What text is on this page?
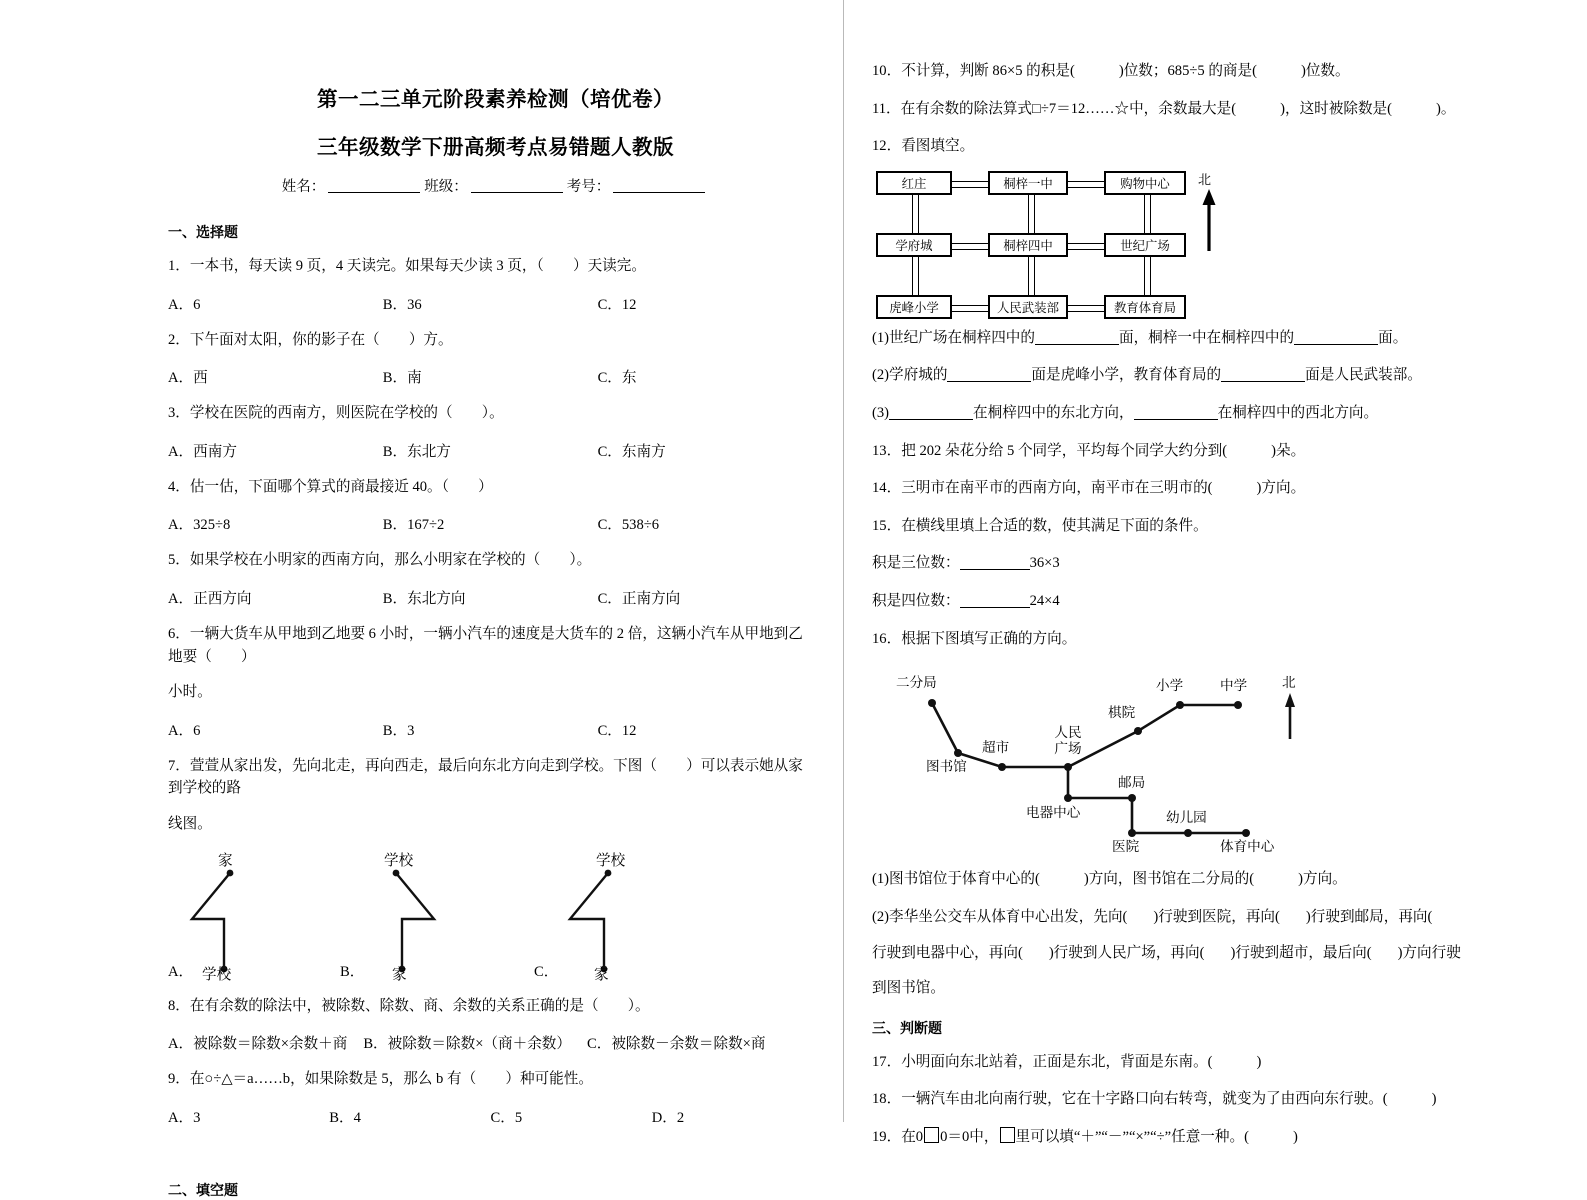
第一二三单元阶段素养检测（培优卷）
三年级数学下册高频考点易错题人教版
姓名：	班级：	考号：
一、选择题
1．一本书，每天读 9 页，4 天读完。如果每天少读 3 页，（　　）天读完。
A．6	B．36	C．12
2．下午面对太阳，你的影子在（　　）方。
A．西	B．南	C．东
3．学校在医院的西南方，则医院在学校的（　　）。
A．西南方	B．东北方	C．东南方
4．估一估，下面哪个算式的商最接近 40。（　　）
A．325÷8	B．167÷2	C．538÷6
5．如果学校在小明家的西南方向，那么小明家在学校的（　　）。
A．正西方向	B．东北方向	C．正南方向
6．一辆大货车从甲地到乙地要 6 小时，一辆小汽车的速度是大货车的 2 倍，这辆小汽车从甲地到乙地要（　　）
小时。
A．6	B．3	C．12
7．萱萱从家出发，先向北走，再向西走，最后向东北方向走到学校。下图（　　）可以表示她从家到学校的路
线图。
家
学校
A．
学校
家
B．
学校
家
C．
8．在有余数的除法中，被除数、除数、商、余数的关系正确的是（　　）。
A．被除数＝除数×余数＋商 B．被除数＝除数×（商＋余数） C．被除数－余数＝除数×商
9．在○÷△＝a……b，如果除数是 5，那么 b 有（　　）种可能性。
A．3	B．4	C．5	D．2
二、填空题
10．不计算，判断 86×5 的积是(	)位数；685÷5 的商是(	)位数。
11．在有余数的除法算式□÷7＝12……☆中，余数最大是(	)，这时被除数是(	)。
12．看图填空。
红庄	桐梓一中	购物中心
学府城	桐梓四中	世纪广场
虎峰小学	人民武装部	教育体育局
北
(1)世纪广场在桐梓四中的	面，桐梓一中在桐梓四中的	面。
(2)学府城的	面是虎峰小学，教育体育局的	面是人民武装部。
(3)	在桐梓四中的东北方向，	在桐梓四中的西北方向。
13．把 202 朵花分给 5 个同学，平均每个同学大约分到(	)朵。
14．三明市在南平市的西南方向，南平市在三明市的(	)方向。
15．在横线里填上合适的数，使其满足下面的条件。
积是三位数：	36×3
积是四位数：	24×4
16．根据下图填写正确的方向。
二分局
图书馆
超市
人民
广场
棋院
小学	中学
电器中心
邮局
医院
幼儿园
体育中心
北
(1)图书馆位于体育中心的(	)方向，图书馆在二分局的(	)方向。
(2)李华坐公交车从体育中心出发，先向( )行驶到医院，再向( )行驶到邮局，再向(
行驶到电器中心，再向( )行驶到人民广场，再向( )行驶到超市，最后向( )方向行驶
到图书馆。
三、判断题
17．小明面向东北站着，正面是东北，背面是东南。(	)
18．一辆汽车由北向南行驶，它在十字路口向右转弯，就变为了由西向东行驶。(	)
19．在0 0＝0中， 里可以填“＋”“－”“×”“÷”任意一种。(	)
